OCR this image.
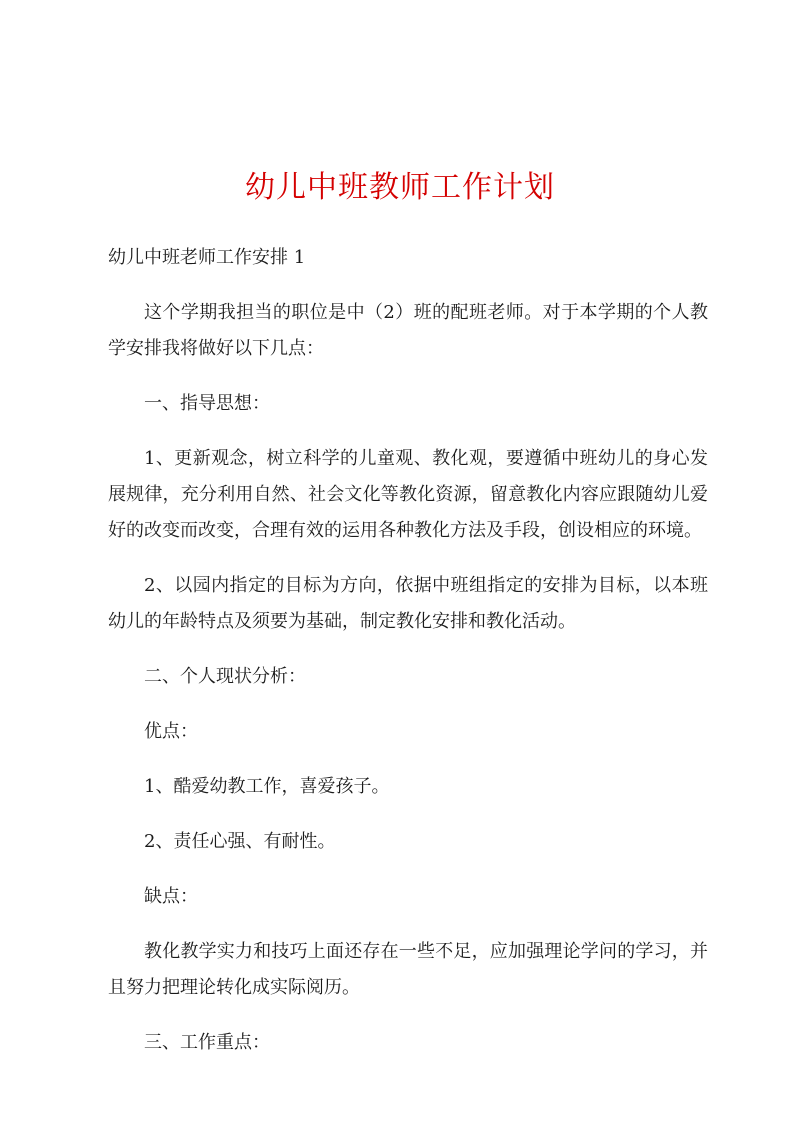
幼儿中班教师工作计划

幼儿中班老师工作安排 1

这个学期我担当的职位是中（2）班的配班老师。对于本学期的个人教学安排我将做好以下几点：

一、指导思想：

1、更新观念，树立科学的儿童观、教化观，要遵循中班幼儿的身心发展规律，充分利用自然、社会文化等教化资源，留意教化内容应跟随幼儿爱好的改变而改变，合理有效的运用各种教化方法及手段，创设相应的环境。

2、以园内指定的目标为方向，依据中班组指定的安排为目标，以本班幼儿的年龄特点及须要为基础，制定教化安排和教化活动。

二、个人现状分析：

优点：

1、酷爱幼教工作，喜爱孩子。

2、责任心强、有耐性。

缺点：

教化教学实力和技巧上面还存在一些不足，应加强理论学问的学习，并且努力把理论转化成实际阅历。

三、工作重点：
